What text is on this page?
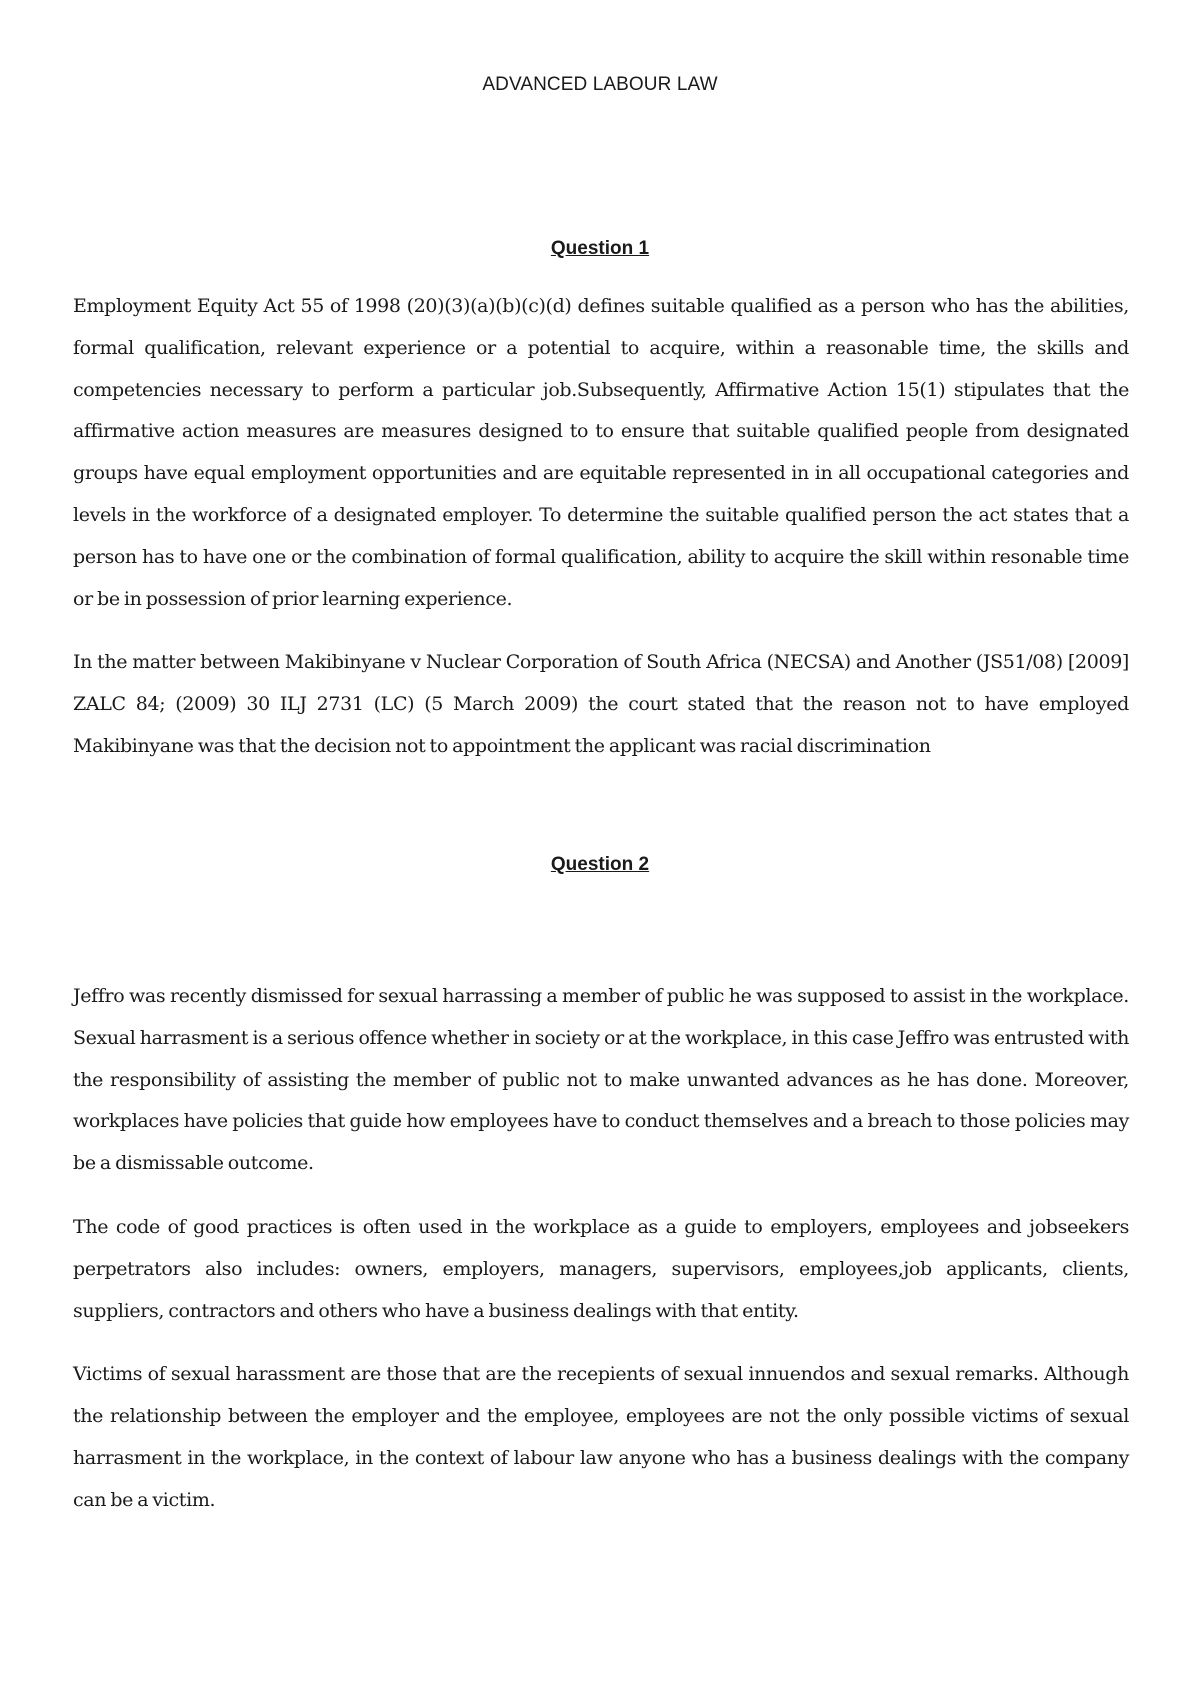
ADVANCED LABOUR LAW
Question 1

Employment Equity Act 55 of 1998 (20)(3)(a)(b)(c)(d) defines suitable qualified as a person who has the abilities, formal qualification, relevant experience or a potential to acquire, within a reasonable time, the skills and competencies necessary to perform a particular job.Subsequently, Affirmative Action 15(1) stipulates that the affirmative action measures are measures designed to to ensure that suitable qualified people from designated groups have equal employment opportunities and are equitable represented in in all occupational categories and levels in the workforce of a designated employer. To determine the suitable qualified person the act states that a person has to have one or the combination of formal qualification, ability to acquire the skill within resonable time or be in possession of prior learning experience.

In the matter between Makibinyane v Nuclear Corporation of South Africa (NECSA) and Another (JS51/08) [2009] ZALC 84; (2009) 30 ILJ 2731 (LC) (5 March 2009) the court stated that the reason not to have employed Makibinyane was that the decision not to appointment the applicant was racial discrimination

Question 2

Jeffro was recently dismissed for sexual harrassing a member of public he was supposed to assist in the workplace. Sexual harrasment is a serious offence whether in society or at the workplace, in this case Jeffro was entrusted with the responsibility of assisting the member of public not to make unwanted advances as he has done. Moreover, workplaces have policies that guide how employees have to conduct themselves and a breach to those policies may be a dismissable outcome.

The code of good practices is often used in the workplace as a guide to employers, employees and jobseekers perpetrators also includes: owners, employers, managers, supervisors, employees,job applicants, clients, suppliers, contractors and others who have a business dealings with that entity.

Victims of sexual harassment are those that are the recepients of sexual innuendos and sexual remarks. Although the relationship between the employer and the employee, employees are not the only possible victims of sexual harrasment in the workplace, in the context of labour law anyone who has a business dealings with the company can be a victim.
